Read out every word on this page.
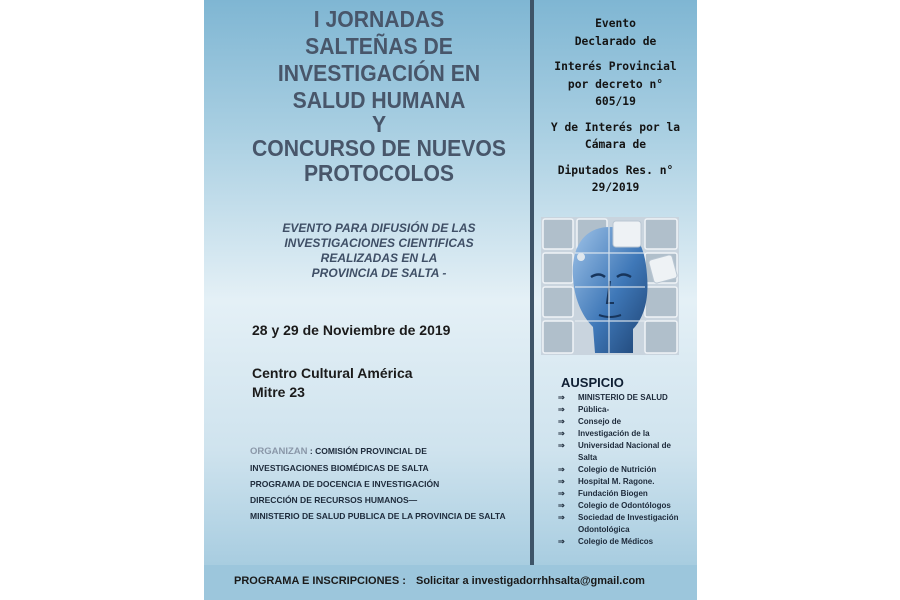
I JORNADAS
SALTEÑAS DE
INVESTIGACIÓN EN
SALUD HUMANA
Y
CONCURSO DE NUEVOS
PROTOCOLOS
EVENTO PARA DIFUSIÓN DE LAS
INVESTIGACIONES CIENTIFICAS
REALIZADAS EN LA
PROVINCIA DE SALTA -
28 y 29 de Noviembre de 2019
Centro Cultural América
Mitre 23
ORGANIZAN : COMISIÓN PROVINCIAL DE
INVESTIGACIONES BIOMÉDICAS DE SALTA
PROGRAMA DE DOCENCIA E INVESTIGACIÓN
DIRECCIÓN DE RECURSOS HUMANOS—
MINISTERIO DE SALUD PUBLICA DE LA PROVINCIA DE SALTA
Evento
Declarado de
Interés Provincial
por decreto n°
605/19
Y de Interés por la
Cámara de
Diputados Res. n°
29/2019
AUSPICIO
⇒ MINISTERIO DE SALUD
⇒ Pública-
⇒ Consejo de
⇒ Investigación de la
⇒ Universidad Nacional de
Salta
⇒ Colegio de Nutrición
⇒ Hospital M. Ragone.
⇒ Fundación Biogen
⇒ Colegio de Odontólogos
⇒ Sociedad de Investigación
Odontológica
⇒ Colegio de Médicos
PROGRAMA E INSCRIPCIONES : Solicitar a investigadorrhhsalta@gmail.com
